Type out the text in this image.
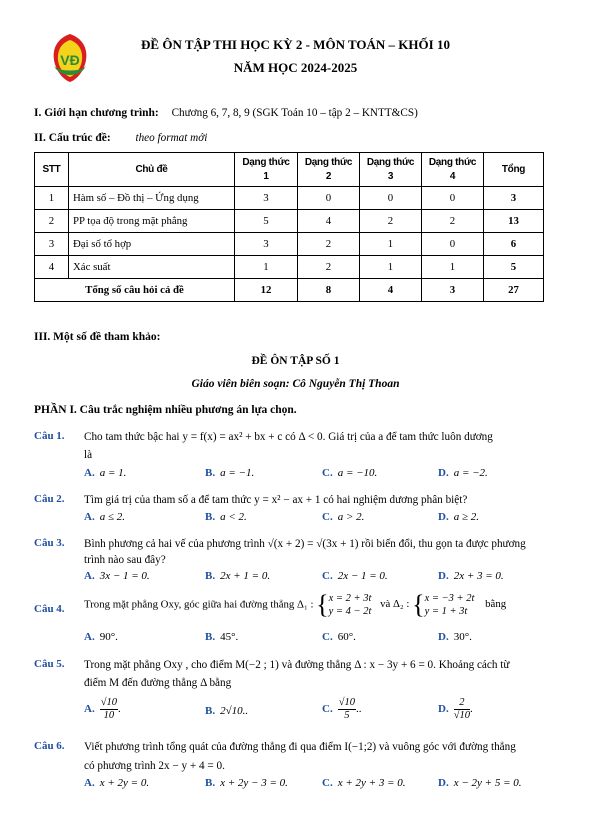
VĐ
ĐỀ ÔN TẬP THI HỌC KỲ 2 - MÔN TOÁN – KHỐI 10
NĂM HỌC 2024-2025
I. Giới hạn chương trình: Chương 6, 7, 8, 9 (SGK Toán 10 – tập 2 – KNTT&CS)
II. Cấu trúc đề: theo format mới
STT	Chủ đề	Dạng thức 1	Dạng thức 2	Dạng thức 3	Dạng thức 4	Tổng
1	Hàm số – Đồ thị – Ứng dụng	3	0	0	0	3
2	PP tọa độ trong mặt phẳng	5	4	2	2	13
3	Đại số tổ hợp	3	2	1	0	6
4	Xác suất	1	2	1	1	5
Tổng số câu hỏi cả đề		12	8	4	3	27
III. Một số đề tham khảo:
ĐỀ ÔN TẬP SỐ 1
Giáo viên biên soạn: Cô Nguyễn Thị Thoan
PHẦN I. Câu trắc nghiệm nhiều phương án lựa chọn.
Câu 1. Cho tam thức bậc hai y = f(x) = ax² + bx + c có Δ < 0. Giá trị của a để tam thức luôn dương
là
A. a = 1.	B. a = −1.	C. a = −10.	D. a = −2.
Câu 2. Tìm giá trị của tham số a để tam thức y = x² − ax + 1 có hai nghiệm dương phân biệt?
A. a ≤ 2.	B. a < 2.	C. a > 2.	D. a ≥ 2.
Câu 3. Bình phương cả hai vế của phương trình √(x + 2) = √(3x + 1) rồi biến đổi, thu gọn ta được phương
trình nào sau đây?
A. 3x − 1 = 0.	B. 2x + 1 = 0.	C. 2x − 1 = 0.	D. 2x + 3 = 0.
Câu 4. Trong mặt phẳng Oxy, góc giữa hai đường thẳng Δ₁ : {x = 2 + 3t
y = 4 − 2t và Δ₂ : {x = −3 + 2t
y = 1 + 3t bằng
A. 90°.	B. 45°.	C. 60°.	D. 30°.
Câu 5. Trong mặt phẳng Oxy , cho điểm M(−2 ; 1) và đường thẳng Δ : x − 3y + 6 = 0. Khoảng cách từ
điểm M đến đường thẳng Δ bằng
A. $\frac{√10}{10}$ .	B. 2√10..	C. $\frac{√10}{5}$ ..	D. $\frac{2}{√10}$ .
Câu 6. Viết phương trình tổng quát của đường thẳng đi qua điểm I(−1;2) và vuông góc với đường thẳng
có phương trình 2x − y + 4 = 0.
A. x + 2y = 0.	B. x + 2y − 3 = 0.	C. x + 2y + 3 = 0.	D. x − 2y + 5 = 0.
